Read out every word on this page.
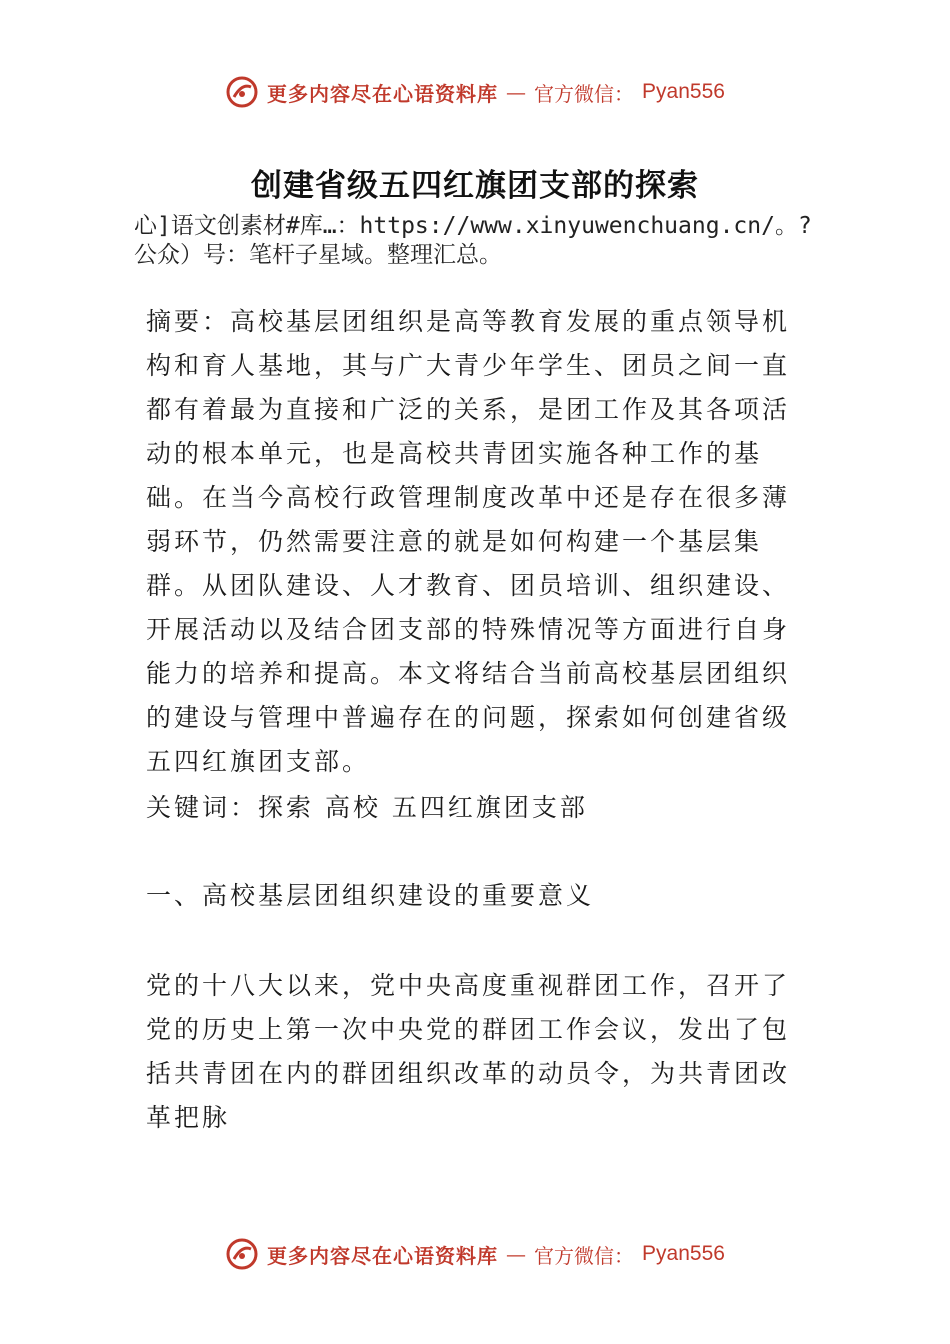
更多内容尽在心语资料库 — 官方微信： Pyan556
创建省级五四红旗团支部的探索
心]语文创素材#库…：https://www.xinyuwenchuang.cn/。?公众）号：笔杆子星域。整理汇总。

摘要：高校基层团组织是高等教育发展的重点领导机构和育人基地，其与广大青少年学生、团员之间一直都有着最为直接和广泛的关系，是团工作及其各项活动的根本单元，也是高校共青团实施各种工作的基础。在当今高校行政管理制度改革中还是存在很多薄弱环节，仍然需要注意的就是如何构建一个基层集群。从团队建设、人才教育、团员培训、组织建设、开展活动以及结合团支部的特殊情况等方面进行自身能力的培养和提高。本文将结合当前高校基层团组织的建设与管理中普遍存在的问题，探索如何创建省级五四红旗团支部。

关键词：探索 高校 五四红旗团支部

一、高校基层团组织建设的重要意义

党的十八大以来，党中央高度重视群团工作，召开了党的历史上第一次中央党的群团工作会议，发出了包括共青团在内的群团组织改革的动员令，为共青团改革把脉

更多内容尽在心语资料库 — 官方微信： Pyan556
